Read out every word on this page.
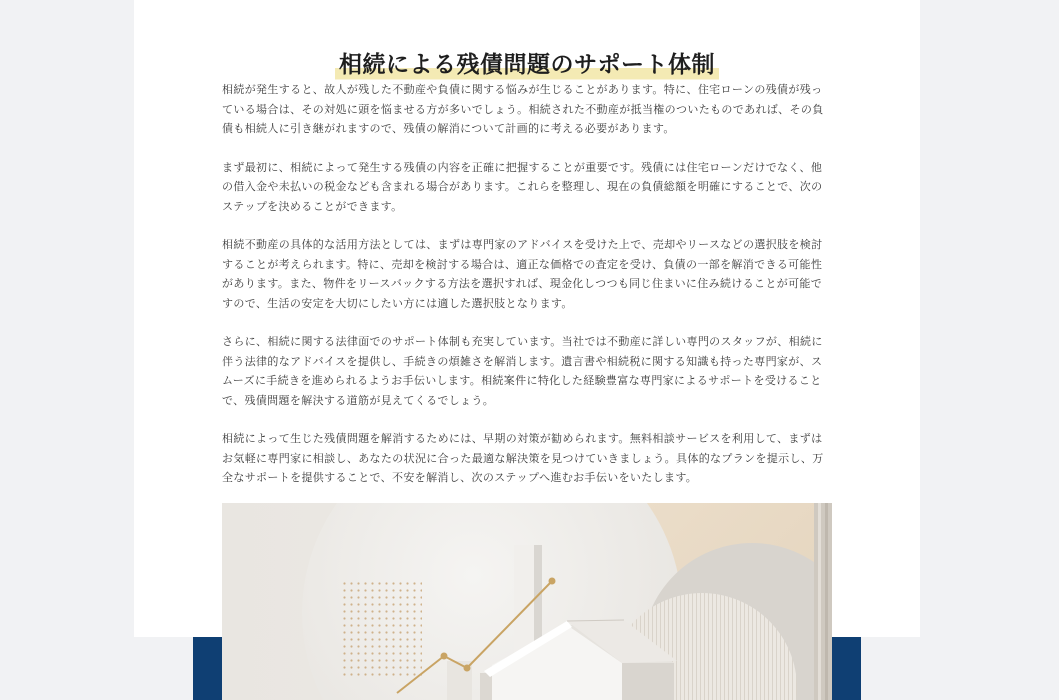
相続による残債問題のサポート体制

相続が発生すると、故人が残した不動産や負債に関する悩みが生じることがあります。特に、住宅ローンの残債が残っている場合は、その対処に頭を悩ませる方が多いでしょう。相続された不動産が抵当権のついたものであれば、その負債も相続人に引き継がれますので、残債の解消について計画的に考える必要があります。

まず最初に、相続によって発生する残債の内容を正確に把握することが重要です。残債には住宅ローンだけでなく、他の借入金や未払いの税金なども含まれる場合があります。これらを整理し、現在の負債総額を明確にすることで、次のステップを決めることができます。

相続不動産の具体的な活用方法としては、まずは専門家のアドバイスを受けた上で、売却やリースなどの選択肢を検討することが考えられます。特に、売却を検討する場合は、適正な価格での査定を受け、負債の一部を解消できる可能性があります。また、物件をリースバックする方法を選択すれば、現金化しつつも同じ住まいに住み続けることが可能ですので、生活の安定を大切にしたい方には適した選択肢となります。

さらに、相続に関する法律面でのサポート体制も充実しています。当社では不動産に詳しい専門のスタッフが、相続に伴う法律的なアドバイスを提供し、手続きの煩雑さを解消します。遺言書や相続税に関する知識も持った専門家が、スムーズに手続きを進められるようお手伝いします。相続案件に特化した経験豊富な専門家によるサポートを受けることで、残債問題を解決する道筋が見えてくるでしょう。

相続によって生じた残債問題を解消するためには、早期の対策が勧められます。無料相談サービスを利用して、まずはお気軽に専門家に相談し、あなたの状況に合った最適な解決策を見つけていきましょう。具体的なプランを提示し、万全なサポートを提供することで、不安を解消し、次のステップへ進むお手伝いをいたします。
